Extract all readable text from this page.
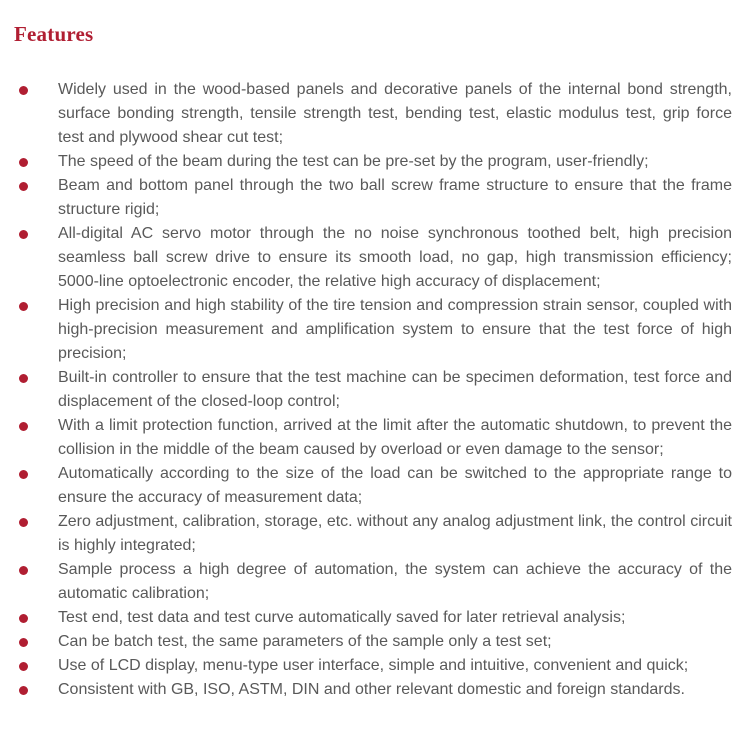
Features
Widely used in the wood-based panels and decorative panels of the internal bond strength, surface bonding strength, tensile strength test, bending test, elastic modulus test, grip force test and plywood shear cut test;
The speed of the beam during the test can be pre-set by the program, user-friendly;
Beam and bottom panel through the two ball screw frame structure to ensure that the frame structure rigid;
All-digital AC servo motor through the no noise synchronous toothed belt, high precision seamless ball screw drive to ensure its smooth load, no gap, high transmission efficiency; 5000-line optoelectronic encoder, the relative high accuracy of displacement;
High precision and high stability of the tire tension and compression strain sensor, coupled with high-precision measurement and amplification system to ensure that the test force of high precision;
Built-in controller to ensure that the test machine can be specimen deformation, test force and displacement of the closed-loop control;
With a limit protection function, arrived at the limit after the automatic shutdown, to prevent the collision in the middle of the beam caused by overload or even damage to the sensor;
Automatically according to the size of the load can be switched to the appropriate range to ensure the accuracy of measurement data;
Zero adjustment, calibration, storage, etc. without any analog adjustment link, the control circuit is highly integrated;
Sample process a high degree of automation, the system can achieve the accuracy of the automatic calibration;
Test end, test data and test curve automatically saved for later retrieval analysis;
Can be batch test, the same parameters of the sample only a test set;
Use of LCD display, menu-type user interface, simple and intuitive, convenient and quick;
Consistent with GB, ISO, ASTM, DIN and other relevant domestic and foreign standards.
